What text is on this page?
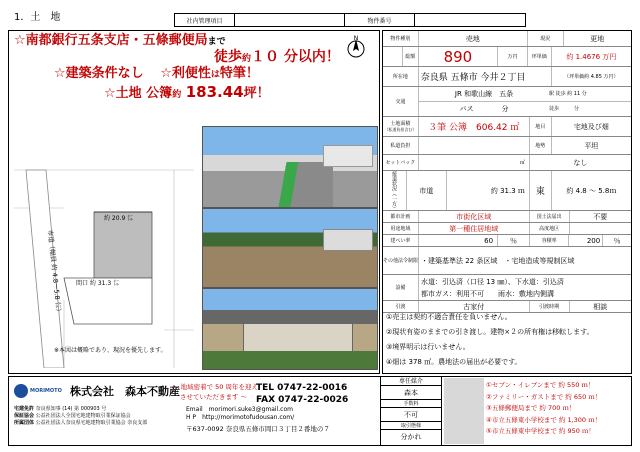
1．土　地	社内管理項目	物件番号
☆南都銀行五条支店・五條郵便局まで
徒歩約１０ 分以内！
☆建築条件なし ☆利便性は特筆！
☆土地 公簿約 183.44坪！
N
約 20.9 ㍍
間口 約 31.3 ㍍
市道（幅員 約 4.8～5.8 ㍍）
※本図は概略であり、現況を優先します。
物件種別	売地	現況	更地
総額	890	万円	坪単価	約 1.4676 万円
所在地	奈良県 五條市 今井２丁目	（坪単価約 4.85 万円）
交通
JR 和歌山線　五条	駅 徒歩 約 11 分
バス　　　　分	徒歩　　　分
土地面積
（私道負担含む）	３筆 公簿　606.42 ㎡	地目	宅地及び畑
私道負担	地勢	平坦
セットバック	㎡	なし
接道状況（一方）	市道	約 31.3 ｍ	東	約 4.8 ～ 5.8ｍ
都市計画	市街化区域	国土法届出	不要
用途地域	第一種住居地域	高度地区
建ぺい率	60	％	容積率	200	％
その他法令制限 ・建築基準法 22 条区域　・宅地造成等規制区域
設備
水道：引込済（口径 13 ㎜）、下水道：引込済
都市ガス：利用不可　　雨水：敷地内側溝
引渡	古家付	引渡時期	相談
①売主は契約不適合責任を負いません。
②現状有姿のままでの引き渡し。建物×２の所有権は移転します。
③境界明示は行いません。
④畑は 378 ㎡。農地法の届出が必要です。
MORIMOTO 株式会社　森本不動産
～ 地域密着で 50 周年を迎え
させていただきます ～
TEL 0747-22-0016
FAX 0747-22-0026
宅建免許 奈良県知事 (14) 第 000903 号
保証協会 公益社団法人全国宅地建物取引業保証協会
所属団体 公益社団法人奈良県宅地建物取引業協会 奈良支部
Email　 morimori.suke3@gmail.com
H P　 http://morimotofudousan.com/
〒637-0092 奈良県五條市岡口３丁目２番地の７
専任媒介
森本
手数料
不可
取引態様
分かれ
①セブン・イレブンまで 約 550 ｍ！
②ファミリー・ガストまで 約 650 ｍ！
③五條郵便局まで 約 700 ｍ！
④市立五條東小学校まで 約 1,300 ｍ！
⑤市立五條東中学校まで 約 950 ｍ！
